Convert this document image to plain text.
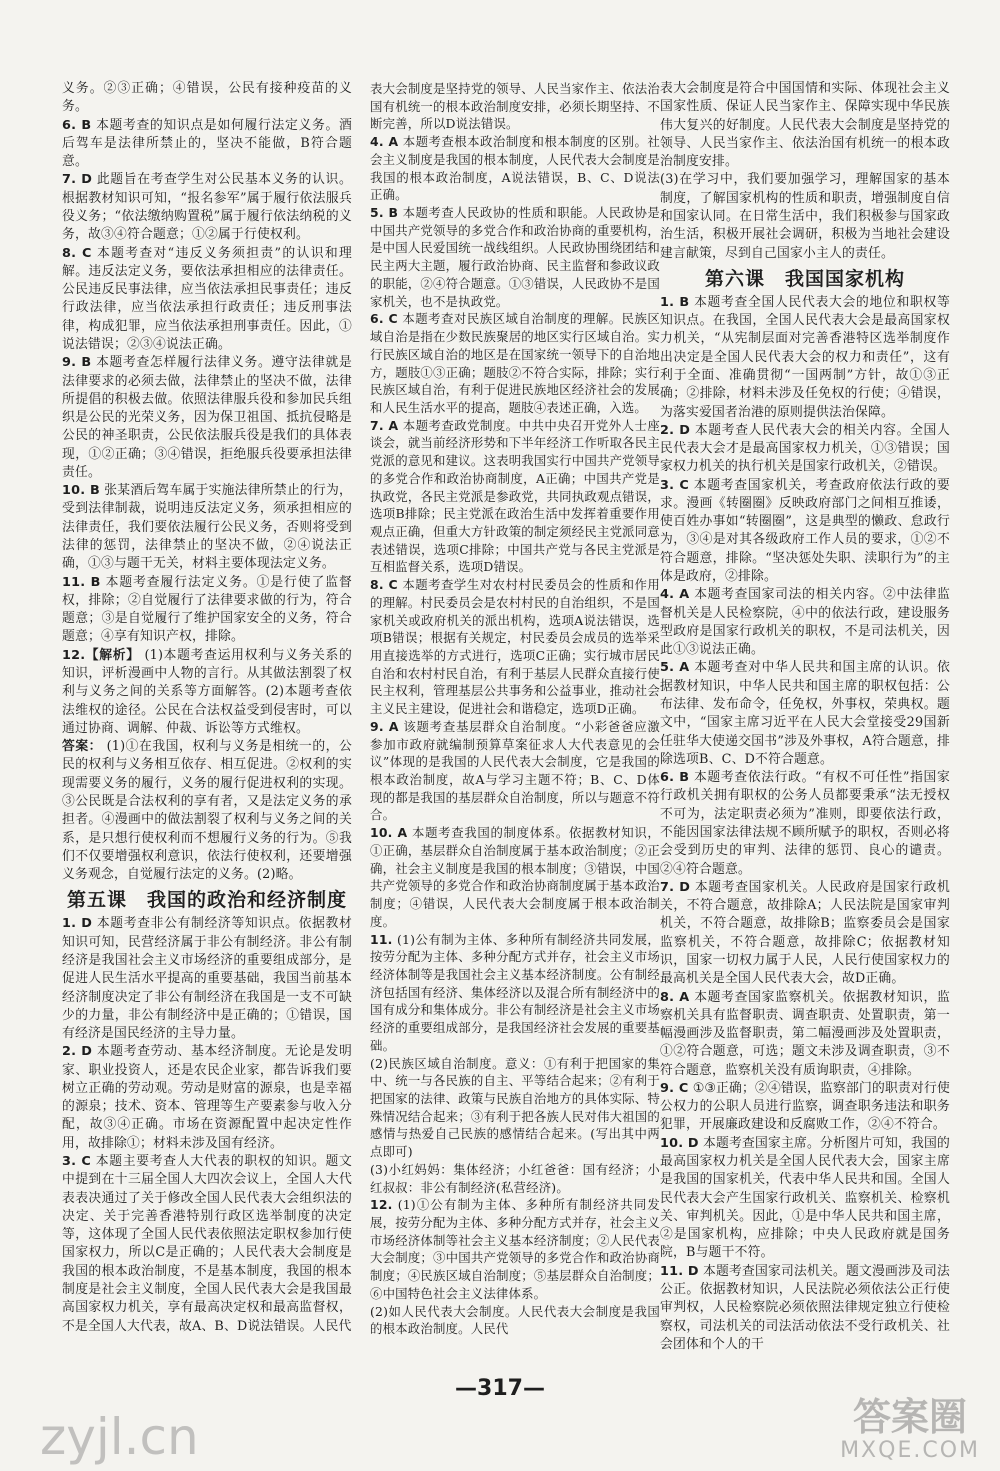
义务。②③正确；④错误，公民有接种疫苗的义务。

6. B 本题考查的知识点是如何履行法定义务。酒后驾车是法律所禁止的，坚决不能做，B符合题意。

7. D 此题旨在考查学生对公民基本义务的认识。根据教材知识可知，“报名参军”属于履行依法服兵役义务；“依法缴纳购置税”属于履行依法纳税的义务，故③④符合题意；①②属于行使权利。

8. C 本题考查对“违反义务须担责”的认识和理解。违反法定义务，要依法承担相应的法律责任。公民违反民事法律，应当依法承担民事责任；违反行政法律，应当依法承担行政责任；违反刑事法律，构成犯罪，应当依法承担刑事责任。因此，①说法错误；②③④说法正确。

9. B 本题考查怎样履行法律义务。遵守法律就是法律要求的必须去做，法律禁止的坚决不做，法律所提倡的积极去做。依照法律服兵役和参加民兵组织是公民的光荣义务，因为保卫祖国、抵抗侵略是公民的神圣职责，公民依法服兵役是我们的具体表现，①②正确；③④错误，拒绝服兵役要承担法律责任。

10. B 张某酒后驾车属于实施法律所禁止的行为，受到法律制裁，说明违反法定义务，须承担相应的法律责任，我们要依法履行公民义务，否则将受到法律的惩罚，法律禁止的坚决不做，②④说法正确，①③与题干无关，材料主要体现法定义务。

11. B 本题考查履行法定义务。①是行使了监督权，排除；②自觉履行了法律要求做的行为，符合题意；③是自觉履行了维护国家安全的义务，符合题意；④享有知识产权，排除。

12.【解析】 (1)本题考查运用权利与义务关系的知识，评析漫画中人物的言行。从其做法割裂了权利与义务之间的关系等方面解答。(2)本题考查依法维权的途径。公民在合法权益受到侵害时，可以通过协商、调解、仲裁、诉讼等方式维权。

答案： (1)①在我国，权利与义务是相统一的，公民的权利与义务相互依存、相互促进。②权利的实现需要义务的履行，义务的履行促进权利的实现。③公民既是合法权利的享有者，又是法定义务的承担者。④漫画中的做法割裂了权利与义务之间的关系，是只想行使权利而不想履行义务的行为。⑤我们不仅要增强权利意识，依法行使权利，还要增强义务观念，自觉履行法定的义务。(2)略。

第五课　我国的政治和经济制度

1. D 本题考查非公有制经济等知识点。依据教材知识可知，民营经济属于非公有制经济。非公有制经济是我国社会主义市场经济的重要组成部分，是促进人民生活水平提高的重要基础，我国当前基本经济制度决定了非公有制经济在我国是一支不可缺少的力量，非公有制经济中是正确的；①错误，国有经济是国民经济的主导力量。

2. D 本题考查劳动、基本经济制度。无论是发明家、职业投资人，还是农民企业家，都告诉我们要树立正确的劳动观。劳动是财富的源泉，也是幸福的源泉；技术、资本、管理等生产要素参与收入分配，故③④正确。市场在资源配置中起决定性作用，故排除①；材料未涉及国有经济。

3. C 本题主要考查人大代表的职权的知识。题文中提到在十三届全国人大四次会议上，全国人大代表表决通过了关于修改全国人民代表大会组织法的决定、关于完善香港特别行政区选举制度的决定等，这体现了全国人民代表依照法定职权参加行使国家权力，所以C是正确的；人民代表大会制度是我国的根本政治制度，不是基本制度，我国的根本制度是社会主义制度，全国人民代表大会是我国最高国家权力机关，享有最高决定权和最高监督权，不是全国人大代表，故A、B、D说法错误。人民代

表大会制度是坚持党的领导、人民当家作主、依法治国有机统一的根本政治制度安排，必须长期坚持、不断完善，所以D说法错误。

4. A 本题考查根本政治制度和根本制度的区别。社会主义制度是我国的根本制度，人民代表大会制度是我国的根本政治制度，A说法错误，B、C、D说法正确。

5. B 本题考查人民政协的性质和职能。人民政协是中国共产党领导的多党合作和政治协商的重要机构，是中国人民爱国统一战线组织。人民政协围绕团结和民主两大主题，履行政治协商、民主监督和参政议政的职能，②④符合题意。①③错误，人民政协不是国家机关，也不是执政党。

6. C 本题考查对民族区域自治制度的理解。民族区域自治是指在少数民族聚居的地区实行区域自治。实行民族区域自治的地区是在国家统一领导下的自治地方，题肢①③正确；题肢②不符合实际，排除；实行民族区域自治，有利于促进民族地区经济社会的发展和人民生活水平的提高，题肢④表述正确，入选。

7. A 本题考查政党制度。中共中央召开党外人士座谈会，就当前经济形势和下半年经济工作听取各民主党派的意见和建议。这表明我国实行中国共产党领导的多党合作和政治协商制度，A正确；中国共产党是执政党，各民主党派是参政党，共同执政观点错误，选项B排除；民主党派在政治生活中发挥着重要作用观点正确，但重大方针政策的制定须经民主党派同意表述错误，选项C排除；中国共产党与各民主党派是互相监督关系，选项D错误。

8. C 本题考查学生对农村村民委员会的性质和作用的理解。村民委员会是农村村民的自治组织，不是国家机关或政府机关的派出机构，选项A说法错误，选项B错误；根据有关规定，村民委员会成员的选举采用直接选举的方式进行，选项C正确；实行城市居民自治和农村村民自治，有利于基层人民群众直接行使民主权利，管理基层公共事务和公益事业，推动社会主义民主建设，促进社会和谐稳定，选项D正确。

9. A 该题考查基层群众自治制度。“小彩爸爸应激参加市政府就编制预算草案征求人大代表意见的会议”体现的是我国的人民代表大会制度，它是我国的根本政治制度，故A与学习主题不符；B、C、D体现的都是我国的基层群众自治制度，所以与题意不符合。

10. A 本题考查我国的制度体系。依据教材知识，①正确，基层群众自治制度属于基本政治制度；②正确，社会主义制度是我国的根本制度；③错误，中国共产党领导的多党合作和政治协商制度属于基本政治制度；④错误，人民代表大会制度属于根本政治制度。

11. (1)公有制为主体、多种所有制经济共同发展，按劳分配为主体、多种分配方式并存，社会主义市场经济体制等是我国社会主义基本经济制度。公有制经济包括国有经济、集体经济以及混合所有制经济中的国有成分和集体成分。非公有制经济是社会主义市场经济的重要组成部分，是我国经济社会发展的重要基础。

(2)民族区域自治制度。意义：①有利于把国家的集中、统一与各民族的自主、平等结合起来；②有利于把国家的法律、政策与民族自治地方的具体实际、特殊情况结合起来；③有利于把各族人民对伟大祖国的感情与热爱自己民族的感情结合起来。(写出其中两点即可)

(3)小红妈妈：集体经济；小红爸爸：国有经济；小红叔叔：非公有制经济(私营经济)。

12. (1)①公有制为主体、多种所有制经济共同发展，按劳分配为主体、多种分配方式并存，社会主义市场经济体制等社会主义基本经济制度；②人民代表大会制度；③中国共产党领导的多党合作和政治协商制度；④民族区域自治制度；⑤基层群众自治制度；⑥中国特色社会主义法律体系。

(2)如人民代表大会制度。人民代表大会制度是我国的根本政治制度。人民代

表大会制度是符合中国国情和实际、体现社会主义国家性质、保证人民当家作主、保障实现中华民族伟大复兴的好制度。人民代表大会制度是坚持党的领导、人民当家作主、依法治国有机统一的根本政治制度安排。

(3)在学习中，我们要加强学习，理解国家的基本制度，了解国家机构的性质和职责，增强制度自信和国家认同。在日常生活中，我们积极参与国家政治生活，积极开展社会调研，积极为当地社会建设建言献策，尽到自己国家小主人的责任。

第六课　我国国家机构

1. B 本题考查全国人民代表大会的地位和职权等知识点。在我国，全国人民代表大会是最高国家权力机关，“从宪制层面对完善香港特区选举制度作出决定是全国人民代表大会的权力和责任”，这有利于全面、准确贯彻“一国两制”方针，故①③正确；②排除，材料未涉及任免权的行使；④错误，为落实爱国者治港的原则提供法治保障。

2. D 本题考查人民代表大会的相关内容。全国人民代表大会才是最高国家权力机关，①③错误；国家权力机关的执行机关是国家行政机关，②错误。

3. C 本题考查国家机关，考查政府依法行政的要求。漫画《转圈圈》反映政府部门之间相互推诿，使百姓办事如“转圈圈”，这是典型的懒政、怠政行为，③④是对其各级政府工作人员的要求，①②不符合题意，排除。“坚决惩处失职、渎职行为”的主体是政府，②排除。

4. A 本题考查国家司法的相关内容。②中法律监督机关是人民检察院，④中的依法行政，建设服务型政府是国家行政机关的职权，不是司法机关，因此①③说法正确。

5. A 本题考查对中华人民共和国主席的认识。依据教材知识，中华人民共和国主席的职权包括：公布法律、发布命令，任免权，外事权，荣典权。题文中，“国家主席习近平在人民大会堂接受29国新任驻华大使递交国书”涉及外事权，A符合题意，排除选项B、C、D不符合题意。

6. B 本题考查依法行政。“有权不可任性”指国家行政机关拥有职权的公务人员都要秉承“法无授权不可为，法定职责必须为”准则，即要依法行政，不能因国家法律法规不顾所赋予的职权，否则必将会受到历史的审判、法律的惩罚、良心的谴责。②④符合题意。

7. D 本题考查国家机关。人民政府是国家行政机关，不符合题意，故排除A；人民法院是国家审判机关，不符合题意，故排除B；监察委员会是国家监察机关，不符合题意，故排除C；依据教材知识，国家一切权力属于人民，人民行使国家权力的最高机关是全国人民代表大会，故D正确。

8. A 本题考查国家监察机关。依据教材知识，监察机关具有监督职责、调查职责、处置职责，第一幅漫画涉及监督职责，第二幅漫画涉及处置职责，①②符合题意，可选；题文未涉及调查职责，③不符合题意，监察机关没有质询职责，④排除。

9. C ①③正确；②④错误，监察部门的职责对行使公权力的公职人员进行监察，调查职务违法和职务犯罪，开展廉政建设和反腐败工作，②④不符合。

10. D 本题考查国家主席。分析图片可知，我国的最高国家权力机关是全国人民代表大会，国家主席是我国的国家机关，代表中华人民共和国。全国人民代表大会产生国家行政机关、监察机关、检察机关、审判机关。因此，①是中华人民共和国主席，②是国家机构，应排除；中央人民政府就是国务院，B与题干不符。

11. D 本题考查国家司法机关。题文漫画涉及司法公正。依据教材知识，人民法院必须依法公正行使审判权，人民检察院必须依照法律规定独立行使检察权，司法机关的司法活动依法不受行政机关、社会团体和个人的干

—317—
zyjl.cn	答案圈
MXQE.COM
